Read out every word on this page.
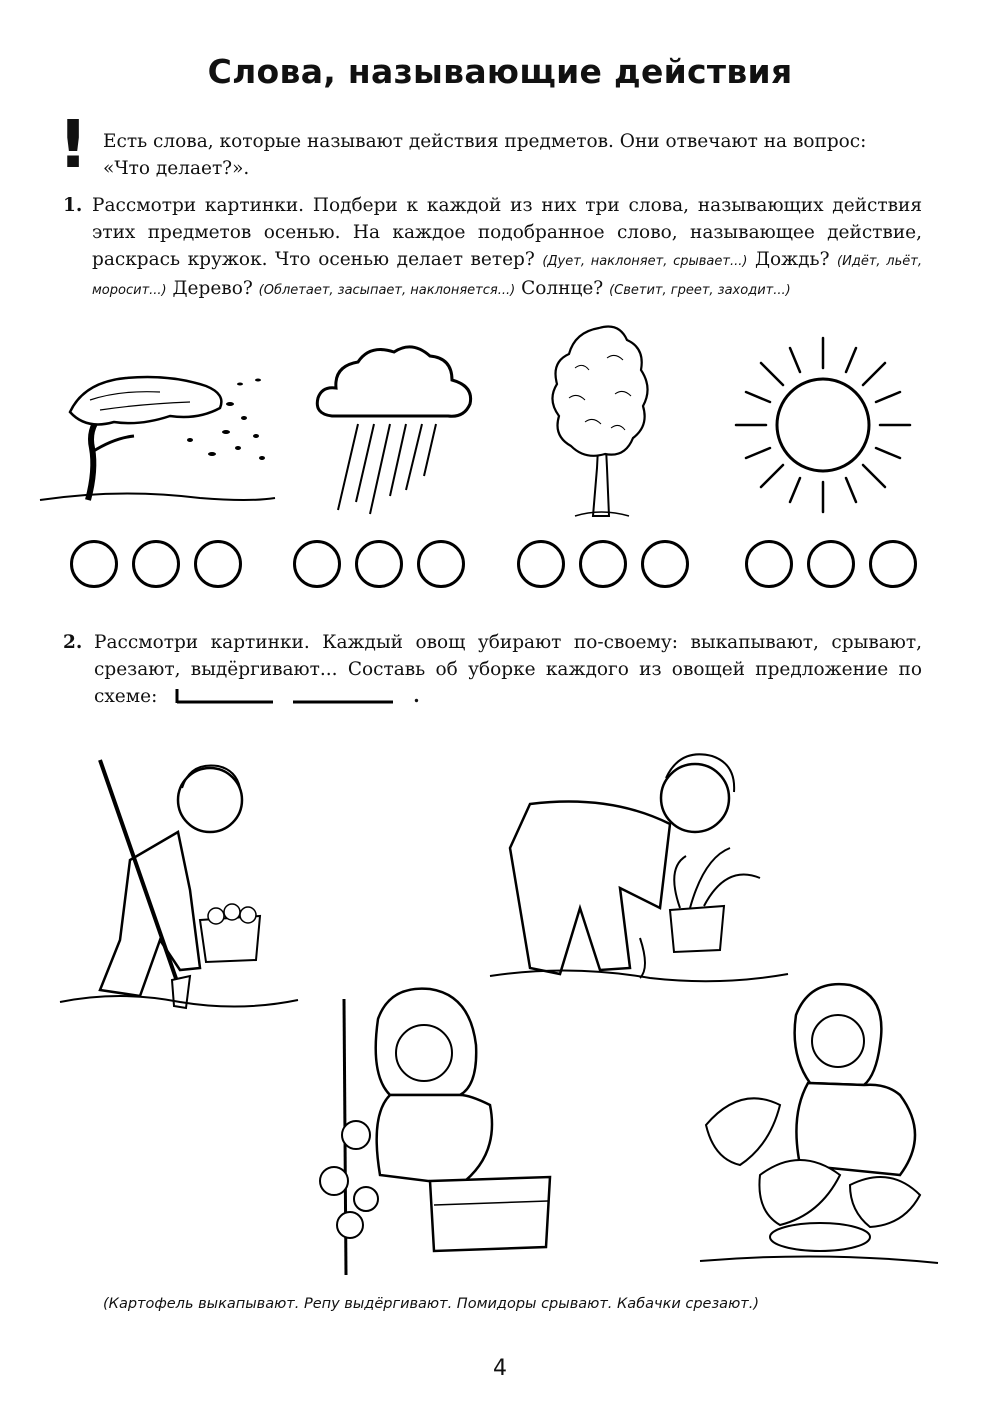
Слова, называющие действия
! Есть слова, которые называют действия предметов. Они отвечают на вопрос:
«Что делает?».
1. Рассмотри картинки. Подбери к каждой из них три слова, называющих действия этих предметов осенью. На каждое подобранное слово, называющее действие, раскрась кружок. Что осенью делает ветер? (Дует, наклоняет, срывает...) Дождь? (Идёт, льёт, моросит...) Дерево? (Облетает, засыпает, наклоняется...) Солнце? (Светит, греет, заходит...)
2. Рассмотри картинки. Каждый овощ убирают по-своему: выкапывают, срывают, срезают, выдёргивают... Составь об уборке каждого из овощей предложение по схеме:	.
(Картофель выкапывают. Репу выдёргивают. Помидоры срывают. Кабачки срезают.)
4
